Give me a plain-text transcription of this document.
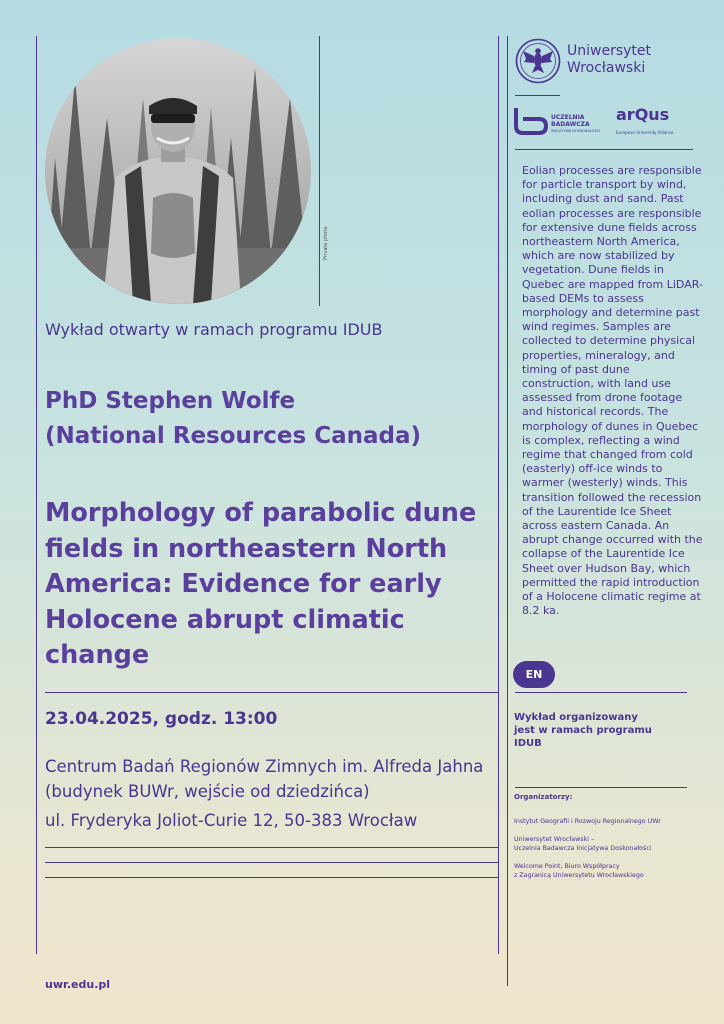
Private photo
Wykład otwarty w ramach programu IDUB
PhD Stephen Wolfe
(National Resources Canada)
Morphology of parabolic dune fields in northeastern North America: Evidence for early Holocene abrupt climatic change
23.04.2025, godz. 13:00
Centrum Badań Regionów Zimnych im. Alfreda Jahna
(budynek BUWr, wejście od dziedzińca)
ul. Fryderyka Joliot-Curie 12, 50-383 Wrocław
uwr.edu.pl
Uniwersytet
Wrocławski
UCZELNIA
BADAWCZA
INICJATYWA DOSKONAŁOŚCI
arQus
European University Alliance
Eolian processes are responsible for particle transport by wind, including dust and sand. Past eolian processes are responsible for extensive dune fields across northeastern North America, which are now stabilized by vegetation. Dune fields in Quebec are mapped from LiDAR-based DEMs to assess morphology and determine past wind regimes. Samples are collected to determine physical properties, mineralogy, and timing of past dune construction, with land use assessed from drone footage and historical records. The morphology of dunes in Quebec is complex, reflecting a wind regime that changed from cold (easterly) off-ice winds to warmer (westerly) winds. This transition followed the recession of the Laurentide Ice Sheet across eastern Canada. An abrupt change occurred with the collapse of the Laurentide Ice Sheet over Hudson Bay, which permitted the rapid introduction of a Holocene climatic regime at 8.2 ka.
EN
Wykład organizowany
jest w ramach programu
IDUB
Organizatorzy:
Instytut Geografii i Rozwoju Regionalnego UWr
Uniwersytet Wrocławski –
Uczelnia Badawcza Inicjatywa Doskonałości
Welcome Point, Biuro Współpracy
z Zagranicą Uniwersytetu Wrocławskiego
